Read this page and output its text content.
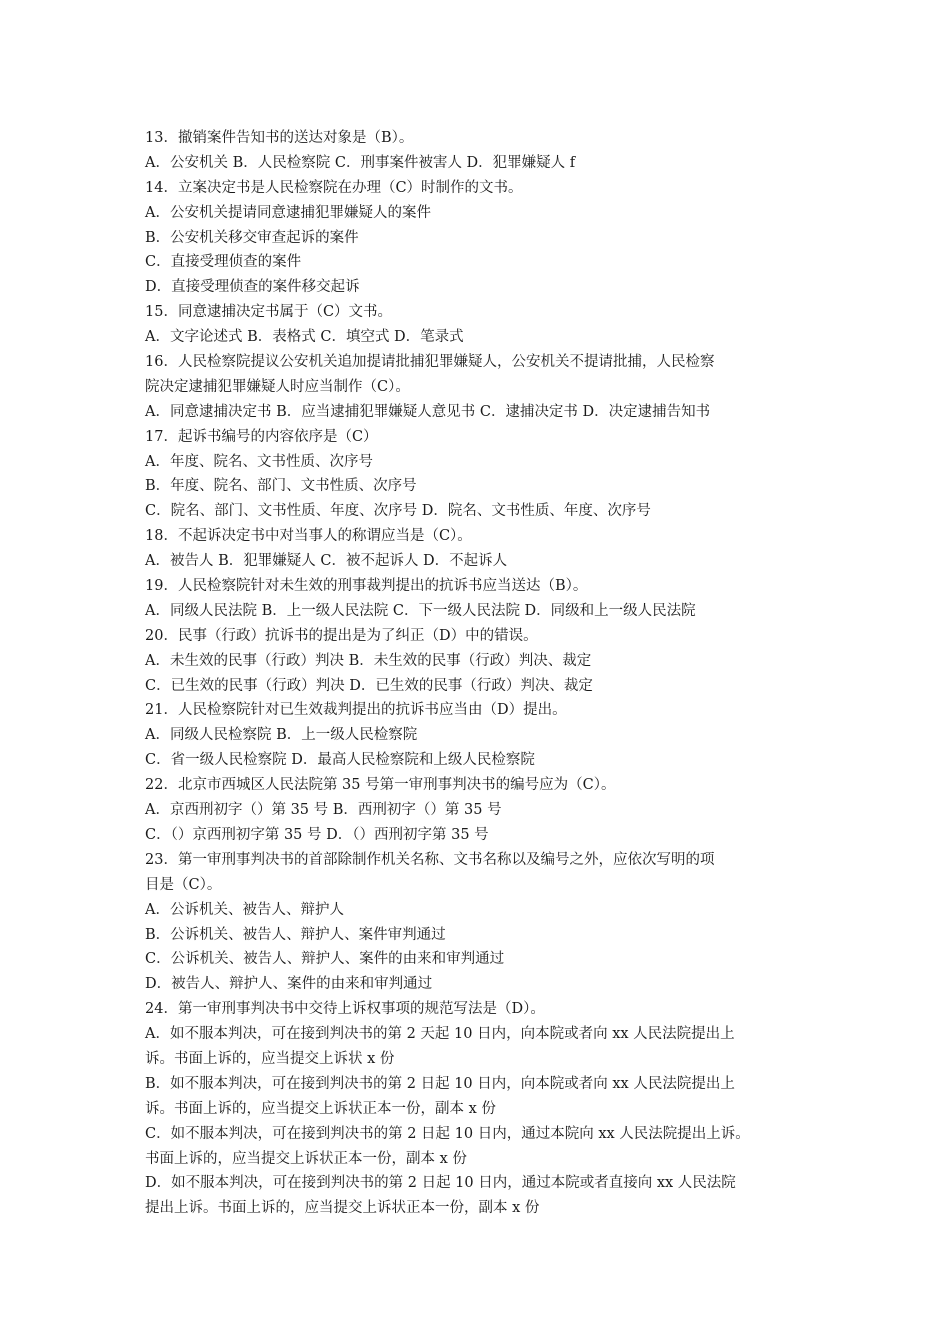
13．撤销案件告知书的送达对象是（B）。
A．公安机关 B．人民检察院 C．刑事案件被害人 D．犯罪嫌疑人 f
14．立案决定书是人民检察院在办理（C）时制作的文书。
A．公安机关提请同意逮捕犯罪嫌疑人的案件
B．公安机关移交审查起诉的案件
C．直接受理侦查的案件
D．直接受理侦查的案件移交起诉
15．同意逮捕决定书属于（C）文书。
A．文字论述式 B．表格式 C．填空式 D．笔录式
16．人民检察院提议公安机关追加提请批捕犯罪嫌疑人，公安机关不提请批捕，人民检察
院决定逮捕犯罪嫌疑人时应当制作（C）。
A．同意逮捕决定书 B．应当逮捕犯罪嫌疑人意见书 C．逮捕决定书 D．决定逮捕告知书
17．起诉书编号的内容依序是（C）
A．年度、院名、文书性质、次序号
B．年度、院名、部门、文书性质、次序号
C．院名、部门、文书性质、年度、次序号 D．院名、文书性质、年度、次序号
18．不起诉决定书中对当事人的称谓应当是（C）。
A．被告人 B．犯罪嫌疑人 C．被不起诉人 D．不起诉人
19．人民检察院针对未生效的刑事裁判提出的抗诉书应当送达（B）。
A．同级人民法院 B．上一级人民法院 C．下一级人民法院 D．同级和上一级人民法院
20．民事（行政）抗诉书的提出是为了纠正（D）中的错误。
A．未生效的民事（行政）判决 B．未生效的民事（行政）判决、裁定
C．已生效的民事（行政）判决 D．已生效的民事（行政）判决、裁定
21．人民检察院针对已生效裁判提出的抗诉书应当由（D）提出。
A．同级人民检察院 B．上一级人民检察院
C．省一级人民检察院 D．最高人民检察院和上级人民检察院
22．北京市西城区人民法院第 35 号第一审刑事判决书的编号应为（C）。
A．京西刑初字（）第 35 号 B．西刑初字（）第 35 号
C．（）京西刑初字第 35 号 D．（）西刑初字第 35 号
23．第一审刑事判决书的首部除制作机关名称、文书名称以及编号之外，应依次写明的项
目是（C）。
A．公诉机关、被告人、辩护人
B．公诉机关、被告人、辩护人、案件审判通过
C．公诉机关、被告人、辩护人、案件的由来和审判通过
D．被告人、辩护人、案件的由来和审判通过
24．第一审刑事判决书中交待上诉权事项的规范写法是（D）。
A．如不服本判决，可在接到判决书的第 2 天起 10 日内，向本院或者向 xx 人民法院提出上
诉。书面上诉的，应当提交上诉状 x 份
B．如不服本判决，可在接到判决书的第 2 日起 10 日内，向本院或者向 xx 人民法院提出上
诉。书面上诉的，应当提交上诉状正本一份，副本 x 份
C．如不服本判决，可在接到判决书的第 2 日起 10 日内，通过本院向 xx 人民法院提出上诉。
书面上诉的，应当提交上诉状正本一份，副本 x 份
D．如不服本判决，可在接到判决书的第 2 日起 10 日内，通过本院或者直接向 xx 人民法院
提出上诉。书面上诉的，应当提交上诉状正本一份，副本 x 份
